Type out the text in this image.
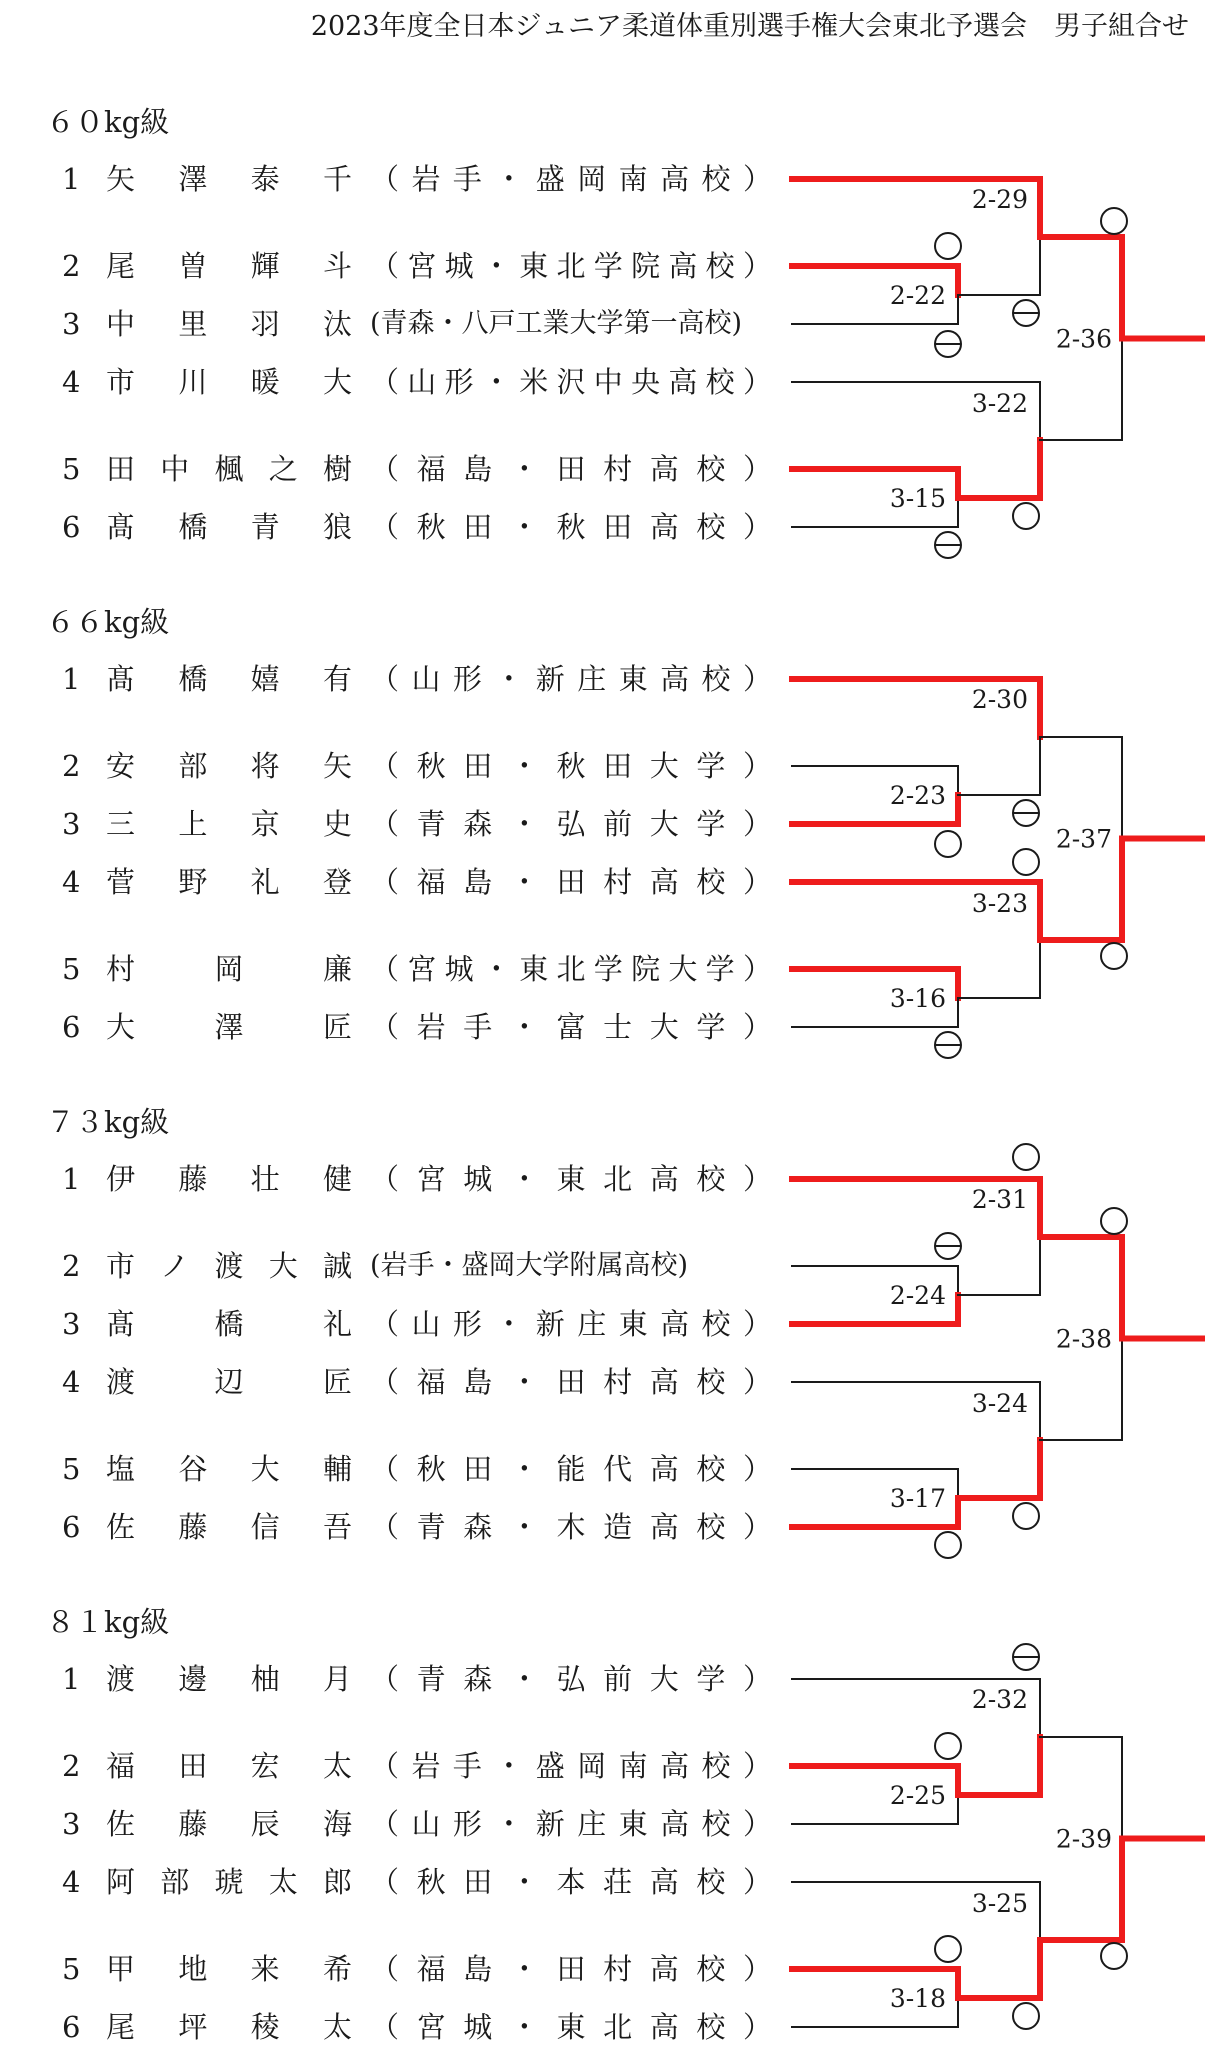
2023年度全日本ジュニア柔道体重別選手権大会東北予選会　男子組合せ
６０kg級
1 矢澤泰千 （岩手・盛岡南高校）
2 尾曽輝斗 （宮城・東北学院高校）
3 中里羽汰 (青森・八戸工業大学第一高校)
4 市川暖大 （山形・米沢中央高校）
5 田中楓之樹 （福島・田村高校）
6 髙橋青狼 （秋田・秋田高校）
６６kg級
1 髙橋嬉有 （山形・新庄東高校）
2 安部将矢 （秋田・秋田大学）
3 三上京史 （青森・弘前大学）
4 菅野礼登 （福島・田村高校）
5 村　岡　廉 （宮城・東北学院大学）
6 大　澤　匠 （岩手・富士大学）
７３kg級
1 伊藤壮健 （宮城・東北高校）
2 市ノ渡大誠 (岩手・盛岡大学附属高校)
3 髙　橋　礼 （山形・新庄東高校）
4 渡　辺　匠 （福島・田村高校）
5 塩谷大輔 （秋田・能代高校）
6 佐藤信吾 （青森・木造高校）
８１kg級
1 渡邊柚月 （青森・弘前大学）
2 福田宏太 （岩手・盛岡南高校）
3 佐藤辰海 （山形・新庄東高校）
4 阿部琥太郎 （秋田・本荘高校）
5 甲地来希 （福島・田村高校）
6 尾坪稜太 （宮城・東北高校）
2-22
3-15
2-29
3-22
2-36
2-23
3-16
2-30
3-23
2-37
2-24
3-17
2-31
3-24
2-38
2-25
3-18
2-32
3-25
2-39
